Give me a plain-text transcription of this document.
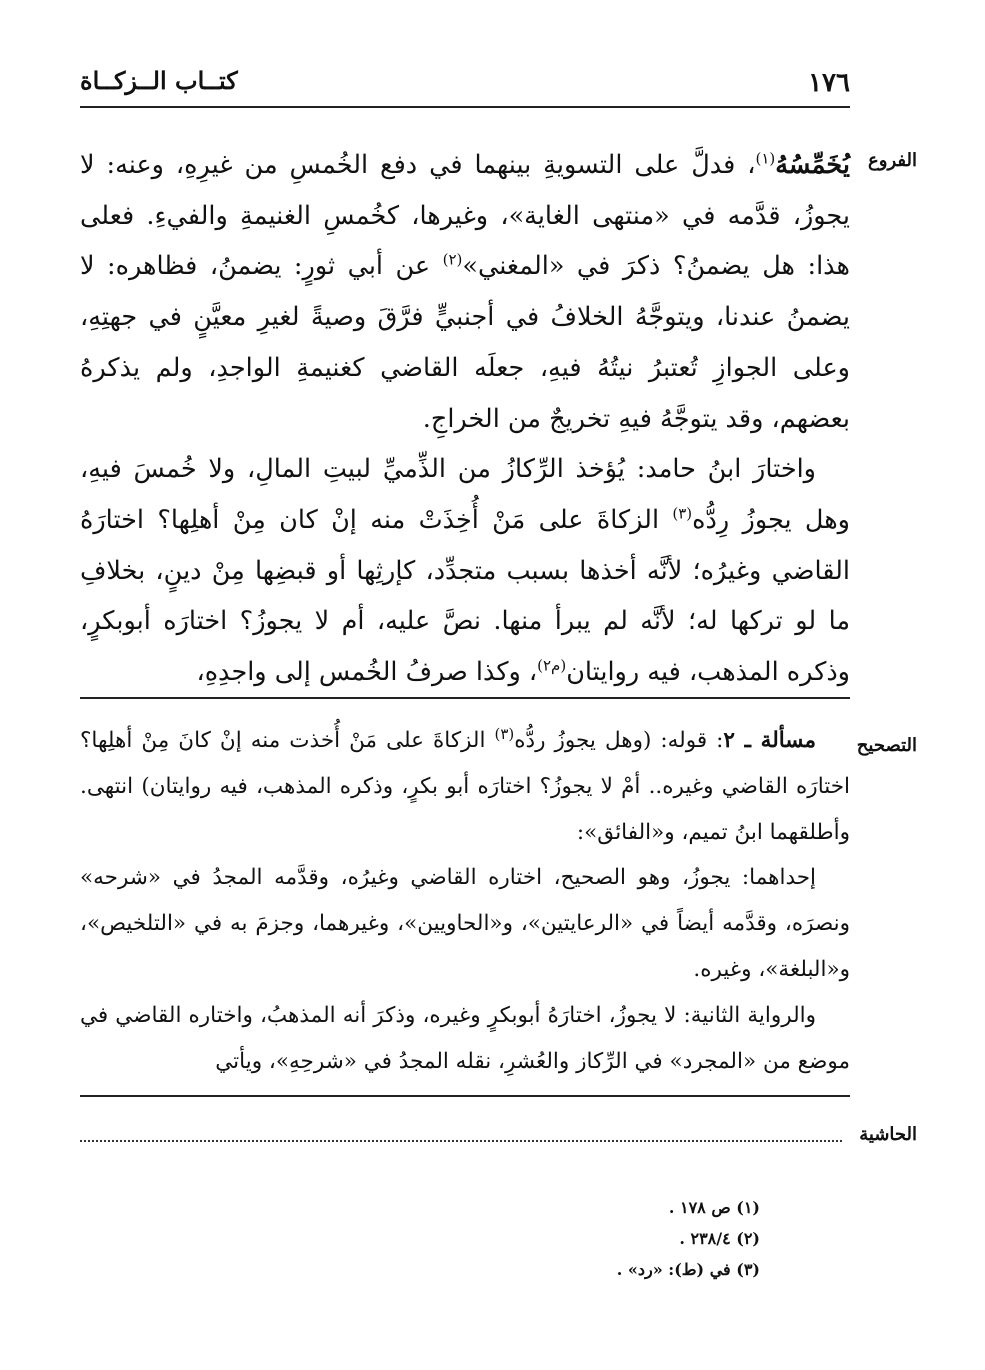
١٧٦
كتــاب الــزكــاة
الفروع

يُخَمِّسُهُ$^{(١)}$، فدلَّ على التسويةِ بينهما في دفع الخُمسِ من غيرِهِ، وعنه: لا يجوزُ، قدَّمه في «منتهى الغاية»، وغيرها، كخُمسِ الغنيمةِ والفيءِ. فعلى هذا: هل يضمنُ؟ ذكرَ في «المغني»$^{(٢)}$ عن أبي ثورٍ: يضمنُ، فظاهره: لا يضمنُ عندنا، ويتوجَّهُ الخلافُ في أجنبيٍّ فرَّقَ وصيةً لغيرِ معيَّنٍ في جهتِهِ، وعلى الجوازِ تُعتبرُ نيتُهُ فيهِ، جعلَه القاضي كغنيمةِ الواجدِ، ولم يذكرهُ بعضهم، وقد يتوجَّهُ فيهِ تخريجٌ من الخراجِ.

واختارَ ابنُ حامد: يُؤخذ الرِّكازُ من الذِّميِّ لبيتِ المالِ، ولا خُمسَ فيهِ، وهل يجوزُ رِدُّه$^{(٣)}$ الزكاةَ على مَنْ أُخِذَتْ منه إنْ كان مِنْ أهلِها؟ اختارَهُ القاضي وغيرُه؛ لأنَّه أخذها بسبب متجدِّد، كإرثِها أو قبضِها مِنْ دينٍ، بخلافِ ما لو تركها له؛ لأنَّه لم يبرأ منها. نصَّ عليه، أم لا يجوزُ؟ اختارَه أبوبكرٍ، وذكره المذهب، فيه روايتان$^{(م٢)}$، وكذا صرفُ الخُمس إلى واجدِهِ،

التصحيح

مسألة ـ ٢: قوله: (وهل يجوزُ ردُّه$^{(٣)}$ الزكاةَ على مَنْ أُخذت منه إنْ كانَ مِنْ أهلِها؟ اختارَه القاضي وغيره.. أمْ لا يجوزُ؟ اختارَه أبو بكرٍ، وذكره المذهب، فيه روايتان) انتهى. وأطلقهما ابنُ تميم، و«الفائق»:

إحداهما: يجوزُ، وهو الصحيح، اختاره القاضي وغيرُه، وقدَّمه المجدُ في «شرحه» ونصرَه، وقدَّمه أيضاً في «الرعايتين»، و«الحاويين»، وغيرهما، وجزمَ به في «التلخيص»، و«البلغة»، وغيره.

والرواية الثانية: لا يجوزُ، اختارَهُ أبوبكرٍ وغيره، وذكرَ أنه المذهبُ، واختاره القاضي في موضع من «المجرد» في الرِّكاز والعُشرِ، نقله المجدُ في «شرحِهِ»، ويأتي

الحاشية
(١) ص ١٧٨ .
(٢) ٢٣٨/٤ .
(٣) في (ط): «رد» .
